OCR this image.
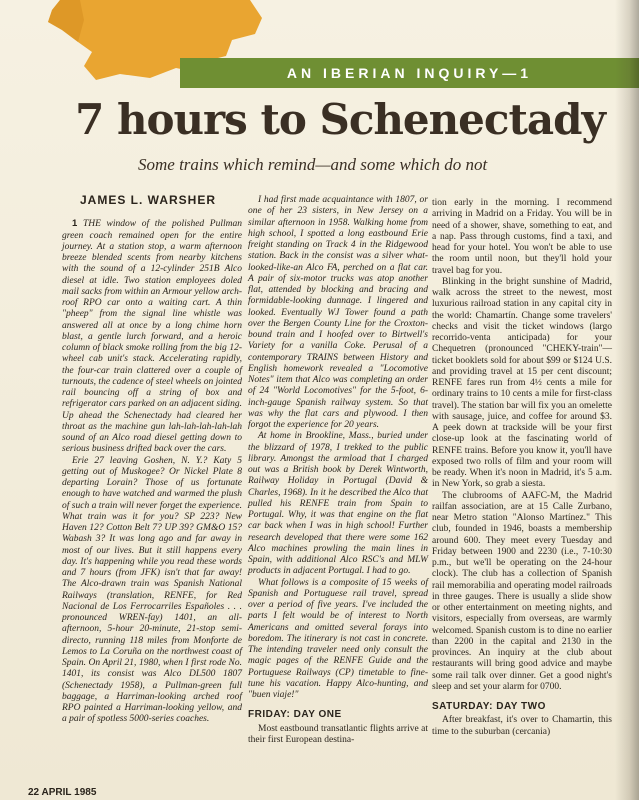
AN IBERIAN INQUIRY—1
7 hours to Schenectady
Some trains which remind—and some which do not
JAMES L. WARSHER

1 THE window of the polished Pullman green coach remained open for the entire journey. At a station stop, a warm afternoon breeze blended scents from nearby kitchens with the sound of a 12-cylinder 251B Alco diesel at idle. Two station employees doled mail sacks from within an Armour yellow arch-roof RPO car onto a waiting cart. A thin "pheep" from the signal line whistle was answered all at once by a long chime horn blast, a gentle lurch forward, and a heroic column of black smoke rolling from the big 12-wheel cab unit's stack. Accelerating rapidly, the four-car train clattered over a couple of turnouts, the cadence of steel wheels on jointed rail bouncing off a string of box and refrigerator cars parked on an adjacent siding. Up ahead the Schenectady had cleared her throat as the machine gun lah-lah-lah-lah-lah sound of an Alco road diesel getting down to serious business drifted back over the cars.

Erie 27 leaving Goshen, N. Y.? Katy 5 getting out of Muskogee? Or Nickel Plate 8 departing Lorain? Those of us fortunate enough to have watched and warmed the plush of such a train will never forget the experience. What train was it for you? SP 223? New Haven 12? Cotton Belt 7? UP 39? GM&O 15? Wabash 3? It was long ago and far away in most of our lives. But it still happens every day. It's happening while you read these words and 7 hours (from JFK) isn't that far away! The Alco-drawn train was Spanish National Railways (translation, RENFE, for Red Nacional de Los Ferrocarriles Españoles . . . pronounced WREN-fay) 1401, an all-afternoon, 5-hour 20-minute, 21-stop semi-directo, running 118 miles from Monforte de Lemos to La Coruña on the northwest coast of Spain. On April 21, 1980, when I first rode No. 1401, its consist was Alco DL500 1807 (Schenectady 1958), a Pullman-green full baggage, a Harriman-looking arched roof RPO painted a Harriman-looking yellow, and a pair of spotless 5000-series coaches.

I had first made acquaintance with 1807, or one of her 23 sisters, in New Jersey on a similar afternoon in 1958. Walking home from high school, I spotted a long eastbound Erie freight standing on Track 4 in the Ridgewood station. Back in the consist was a silver what-looked-like-an Alco FA, perched on a flat car. A pair of six-motor trucks was atop another flat, attended by blocking and bracing and formidable-looking dunnage. I lingered and looked. Eventually WJ Tower found a path over the Bergen County Line for the Croxton-bound train and I hoofed over to Birtwell's Variety for a vanilla Coke. Perusal of a contemporary TRAINS between History and English homework revealed a "Locomotive Notes" item that Alco was completing an order of 24 "World Locomotives" for the 5-foot, 6-inch-gauge Spanish railway system. So that was why the flat cars and plywood. I then forgot the experience for 20 years.

At home in Brookline, Mass., buried under the blizzard of 1978, I trekked to the public library. Amongst the armload that I charged out was a British book by Derek Wintworth, Railway Holiday in Portugal (David & Charles, 1968). In it he described the Alco that pulled his RENFE train from Spain to Portugal. Why, it was that engine on the flat car back when I was in high school! Further research developed that there were some 162 Alco machines prowling the main lines in Spain, with additional Alco RSC's and MLW products in adjacent Portugal. I had to go.

What follows is a composite of 15 weeks of Spanish and Portuguese rail travel, spread over a period of five years. I've included the parts I felt would be of interest to North Americans and omitted several forays into boredom. The itinerary is not cast in concrete. The intending traveler need only consult the magic pages of the RENFE Guide and the Portuguese Railways (CP) timetable to fine-tune his vacation. Happy Alco-hunting, and "buen viaje!"

FRIDAY: DAY ONE

Most eastbound transatlantic flights arrive at their first European destina-

tion early in the morning. I recommend arriving in Madrid on a Friday. You will be in need of a shower, shave, something to eat, and a nap. Pass through customs, find a taxi, and head for your hotel. You won't be able to use the room until noon, but they'll hold your travel bag for you.

Blinking in the bright sunshine of Madrid, walk across the street to the newest, most luxurious railroad station in any capital city in the world: Chamartín. Change some travelers' checks and visit the ticket windows (largo recorrido-venta anticipada) for your Chequetren (pronounced "CHEKY-train"—ticket booklets sold for about $99 or $124 U.S. and providing travel at 15 per cent discount; RENFE fares run from 4½ cents a mile for ordinary trains to 10 cents a mile for first-class travel). The station bar will fix you an omelette with sausage, juice, and coffee for around $3. A peek down at trackside will be your first close-up look at the fascinating world of RENFE trains. Before you know it, you'll have exposed two rolls of film and your room will be ready. When it's noon in Madrid, it's 5 a.m. in New York, so grab a siesta.

The clubrooms of AAFC-M, the Madrid railfan association, are at 15 Calle Zurbano, near Metro station "Alonso Martínez." This club, founded in 1946, boasts a membership around 600. They meet every Tuesday and Friday between 1900 and 2230 (i.e., 7-10:30 p.m., but we'll be operating on the 24-hour clock). The club has a collection of Spanish rail memorabilia and operating model railroads in three gauges. There is usually a slide show or other entertainment on meeting nights, and visitors, especially from overseas, are warmly welcomed. Spanish custom is to dine no earlier than 2200 in the capital and 2130 in the provinces. An inquiry at the club about restaurants will bring good advice and maybe some rail talk over dinner. Get a good night's sleep and set your alarm for 0700.

SATURDAY: DAY TWO

After breakfast, it's over to Chamartin, this time to the suburban (cercania)

22 APRIL 1985
